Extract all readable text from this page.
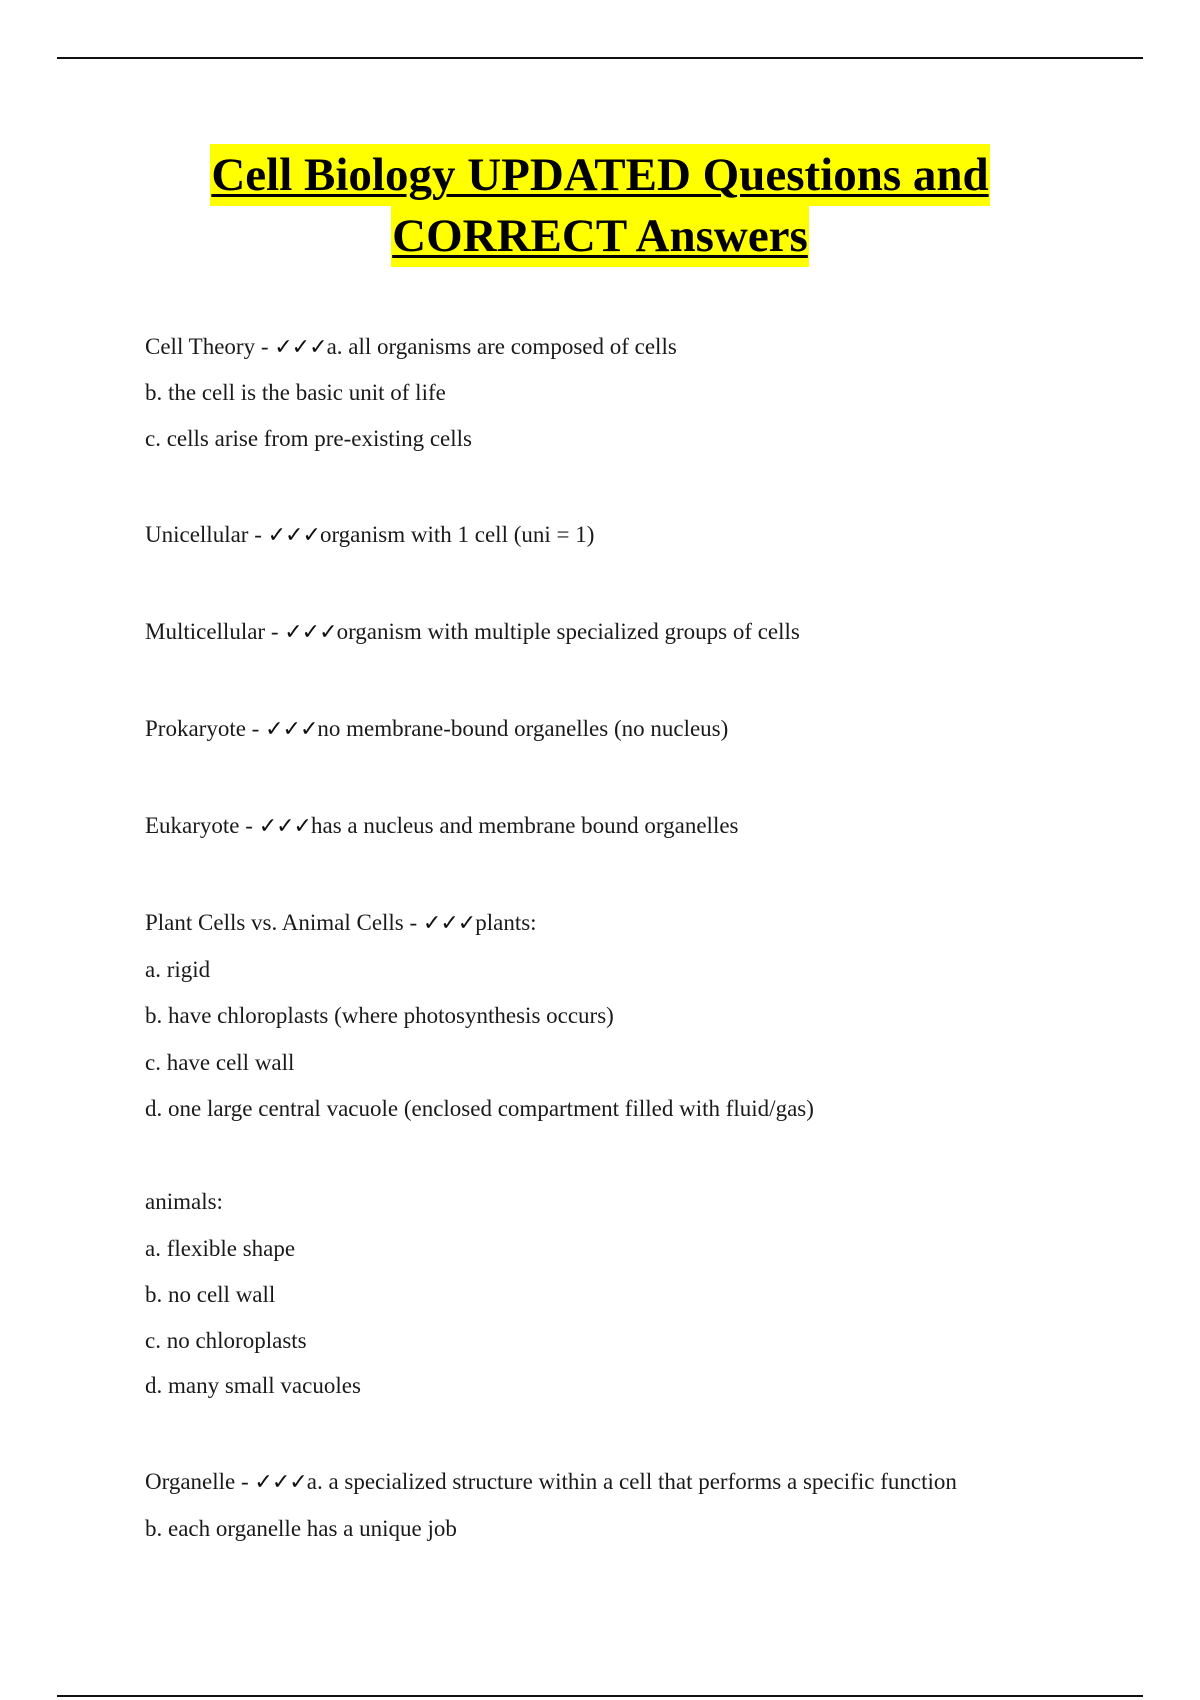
Cell Biology UPDATED Questions and
CORRECT Answers
Cell Theory - ✓✓✓a. all organisms are composed of cells
b. the cell is the basic unit of life
c. cells arise from pre-existing cells
Unicellular - ✓✓✓organism with 1 cell (uni = 1)
Multicellular - ✓✓✓organism with multiple specialized groups of cells
Prokaryote - ✓✓✓no membrane-bound organelles (no nucleus)
Eukaryote - ✓✓✓has a nucleus and membrane bound organelles
Plant Cells vs. Animal Cells - ✓✓✓plants:
a. rigid
b. have chloroplasts (where photosynthesis occurs)
c. have cell wall
d. one large central vacuole (enclosed compartment filled with fluid/gas)
animals:
a. flexible shape
b. no cell wall
c. no chloroplasts
d. many small vacuoles
Organelle - ✓✓✓a. a specialized structure within a cell that performs a specific function
b. each organelle has a unique job
